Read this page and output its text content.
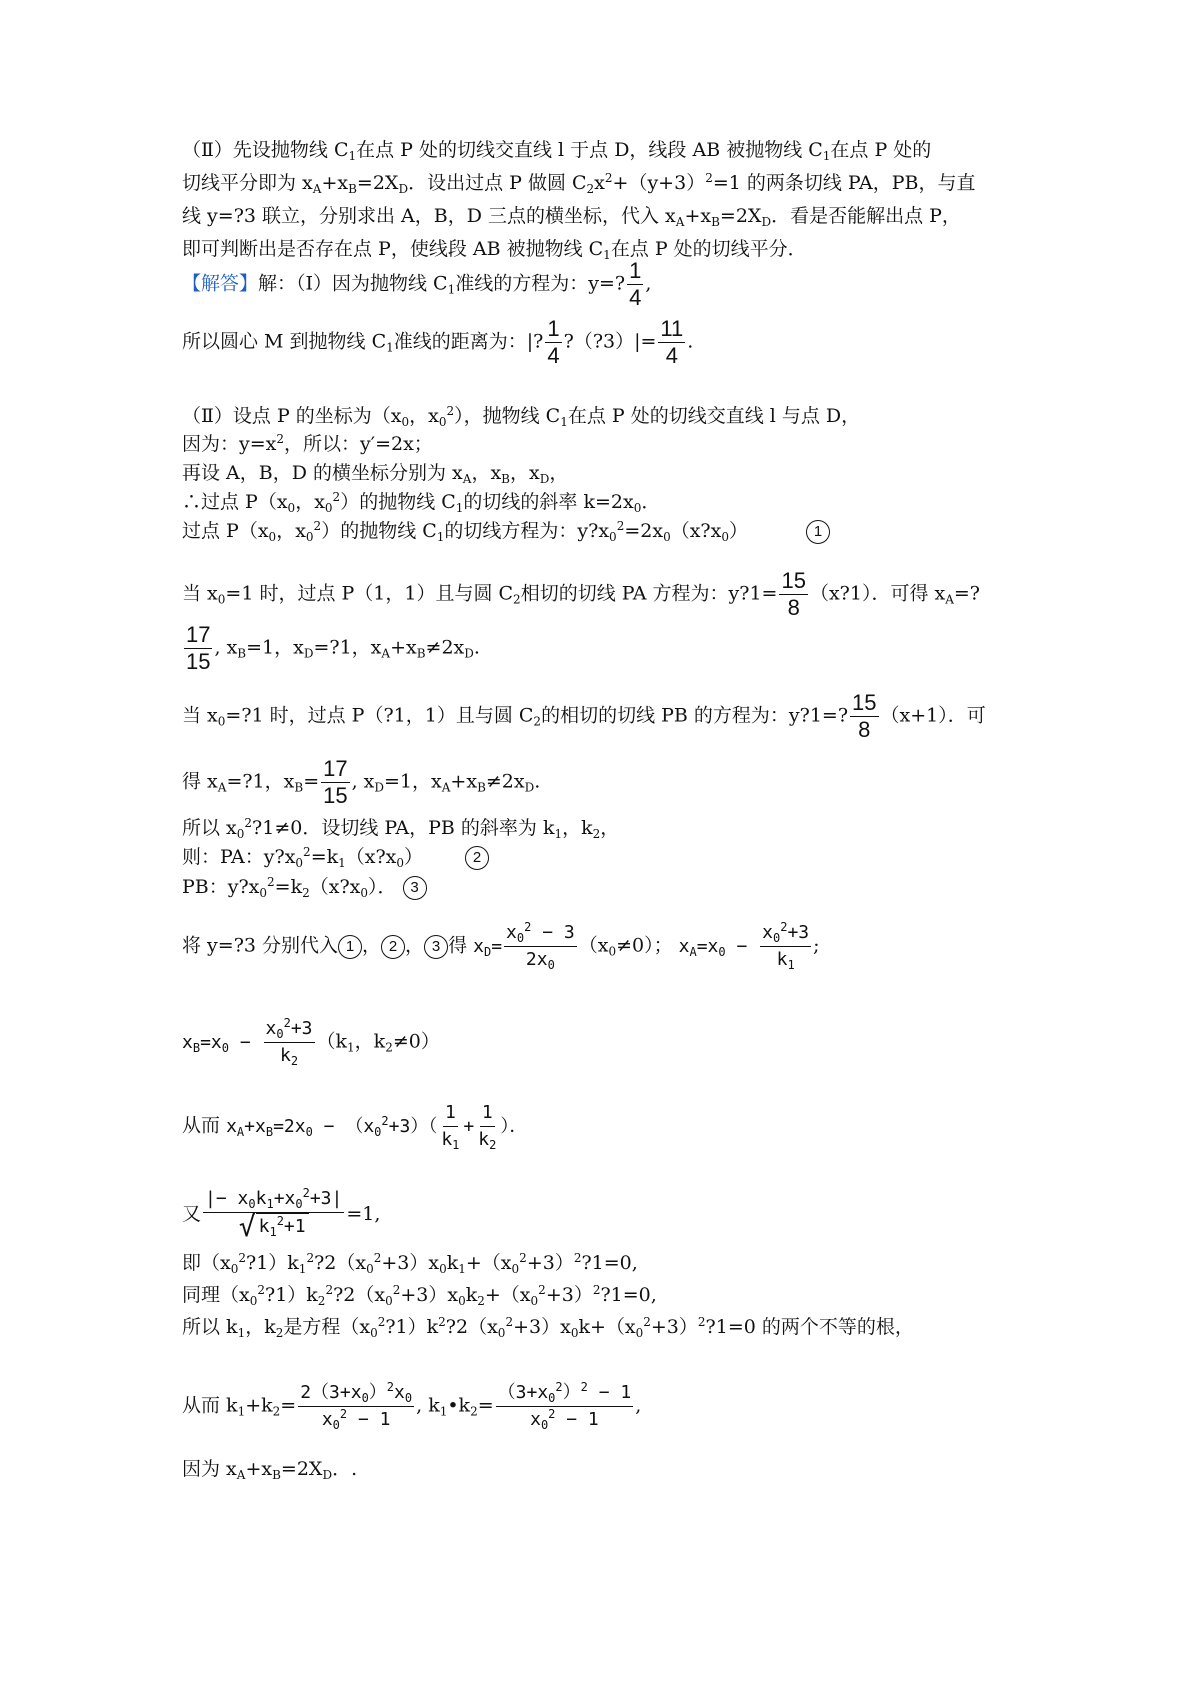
（Ⅱ）先设抛物线 $C_1$在点 P 处的切线交直线 l 于点 D，线段 AB 被抛物线 $C_1$在点 P 处的
切线平分即为 $x_A+x_B=2X_D$．设出过点 P 做圆 $C_2x^2+(y+3)^2=1$ 的两条切线 PA，PB，与直
线 y=?3 联立，分别求出 A，B，D 三点的横坐标，代入 $x_A+x_B=2X_D$．看是否能解出点 P，
即可判断出是否存在点 P，使线段 AB 被抛物线 $C_1$在点 P 处的切线平分．
【解答】解：（Ⅰ）因为抛物线 $C_1$准线的方程为：y=? $\frac{1}{4}$ ,
所以圆心 M 到抛物线 $C_1$准线的距离为：|? $\frac{1}{4}$ ?（?3）|= $\frac{11}{4}$ .
（Ⅱ）设点 P 的坐标为（$x_0$，$x_0^2$），抛物线 $C_1$在点 P 处的切线交直线 l 与点 D，
因为：$y=x^2$，所以：y′=2x；
再设 A，B，D 的横坐标分别为 $x_A$，$x_B$，$x_D$，
∴过点 $P(x_0$，$x_0^2$）的抛物线 $C_1$的切线的斜率 $k=2x_0$．
过点 $P(x_0$，$x_0^2$）的抛物线 $C_1$的切线方程为：$y?x_0^2=2x_0(x?x_0)$	1
当 $x_0=1$ 时，过点 P（1，1）且与圆 $C_2$相切的切线 PA 方程为：y?1= $\frac{15}{8}$ （x?1）．可得 $x_A=$?
$\frac{17}{15}$ , $x_B=1$，$x_D=?1$，$x_A+x_B\ne 2x_D$.
当 $x_0=?1$ 时，过点 P（?1，1）且与圆 $C_2$的相切的切线 PB 的方程为：y?1=? $\frac{15}{8} (x+1)$．可
得 $x_A=?1$，$x_B= \frac{17}{15}$ , $x_D=1$，$x_A+x_B\ne 2x_D$.
所以 $x_0^2?1\ne 0$．设切线 PA，PB 的斜率为 $k_1$，$k_2$，
则：PA：$y?x_0^2=k_1(x?x_0)$	2
PB：$y?x_0^2=k_2(x?x_0)$． 3
将 y=?3 分别代入 1 ， 2 ， 3 得 $x_D= \frac{x_0^2 - 3}{2x_0} (x_0\ne 0)$； $x_A=x_0 - \frac{x_0^2+3}{k_1}$ ;
$x_B=x_0 - \frac{x_0^2+3}{k_2} (k_1$，$k_2\ne 0$）
从而 $x_A+x_B=2x_0 - (x_0^2+3)( \frac{1}{k_1} + \frac{1}{k_2}$ ）．
又 $\frac{|- x_0k_1+x_0^2+3|}{√ k_1^2+1} =1$,
即$(x_0^2?1)k_1^2?2(x_0^2+3)x_0k_1+(x_0^2+3)^2?1=0$,
同理$(x_0^2?1)k_2^2?2(x_0^2+3)x_0k_2+(x_0^2+3)^2?1=0$,
所以 $k_1$，$k_2$是方程$(x_0^2?1)k^2?2(x_0^2+3)x_0k+(x_0^2+3)^2?1=0$ 的两个不等的根，
从而 $k_1+k_2= \frac{2(3+x_0)^2x_0}{x_0^2 - 1}$ , $k_1•k_2= \frac{(3+x_0^2)^2 - 1}{x_0^2 - 1}$ ,
因为 $x_A+x_B=2X_D$．.
